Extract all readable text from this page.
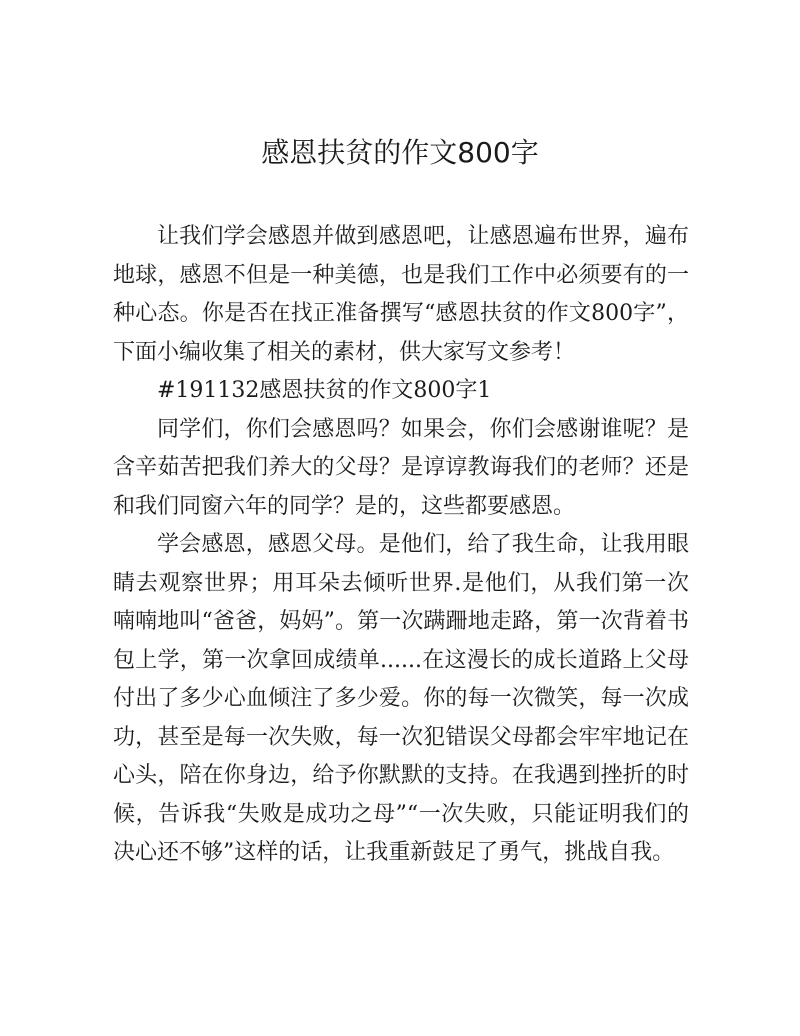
感恩扶贫的作文800字

让我们学会感恩并做到感恩吧，让感恩遍布世界，遍布地球，感恩不但是一种美德，也是我们工作中必须要有的一种心态。你是否在找正准备撰写“感恩扶贫的作文800字”，下面小编收集了相关的素材，供大家写文参考！

#191132感恩扶贫的作文800字1

同学们，你们会感恩吗？如果会，你们会感谢谁呢？是含辛茹苦把我们养大的父母？是谆谆教诲我们的老师？还是和我们同窗六年的同学？是的，这些都要感恩。

学会感恩，感恩父母。是他们，给了我生命，让我用眼睛去观察世界；用耳朵去倾听世界.是他们，从我们第一次喃喃地叫“爸爸，妈妈”。第一次蹒跚地走路，第一次背着书包上学，第一次拿回成绩单......在这漫长的成长道路上父母付出了多少心血倾注了多少爱。你的每一次微笑，每一次成功，甚至是每一次失败，每一次犯错误父母都会牢牢地记在心头，陪在你身边，给予你默默的支持。在我遇到挫折的时候，告诉我“失败是成功之母”“一次失败，只能证明我们的决心还不够”这样的话，让我重新鼓足了勇气，挑战自我。
